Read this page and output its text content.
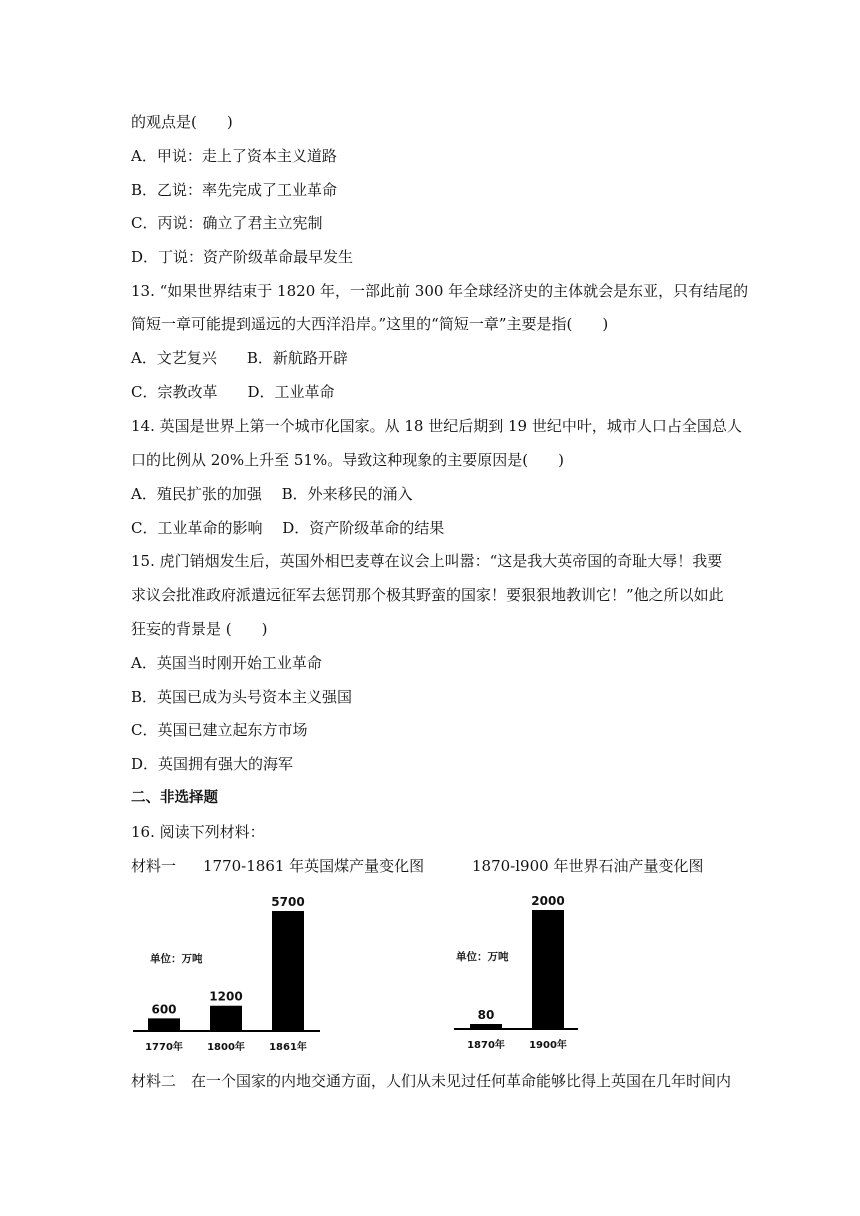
的观点是(　　)
A．甲说：走上了资本主义道路
B．乙说：率先完成了工业革命
C．丙说：确立了君主立宪制
D．丁说：资产阶级革命最早发生
13. “如果世界结束于 1820 年，一部此前 300 年全球经济史的主体就会是东亚，只有结尾的
简短一章可能提到遥远的大西洋沿岸。”这里的“简短一章”主要是指(　　)
A．文艺复兴　　B．新航路开辟
C．宗教改革　　D．工业革命
14. 英国是世界上第一个城市化国家。从 18 世纪后期到 19 世纪中叶，城市人口占全国总人
口的比例从 20%上升至 51%。导致这种现象的主要原因是(　　)
A．殖民扩张的加强　 B．外来移民的涌入
C．工业革命的影响　 D．资产阶级革命的结果
15. 虎门销烟发生后，英国外相巴麦尊在议会上叫嚣：“这是我大英帝国的奇耻大辱！我要
求议会批准政府派遣远征军去惩罚那个极其野蛮的国家！要狠狠地教训它！”他之所以如此
狂妄的背景是 (　　)
A．英国当时刚开始工业革命
B．英国已成为头号资本主义强国
C．英国已建立起东方市场
D．英国拥有强大的海军
二、非选择题
16. 阅读下列材料：
材料一 1770-1861 年英国煤产量变化图	1870-l900 年世界石油产量变化图
单位：万吨
600
1770年
1200
1800年
5700
1861年
单位：万吨
80
1870年
2000
1900年
材料二　在一个国家的内地交通方面，人们从未见过任何革命能够比得上英国在几年时间内
